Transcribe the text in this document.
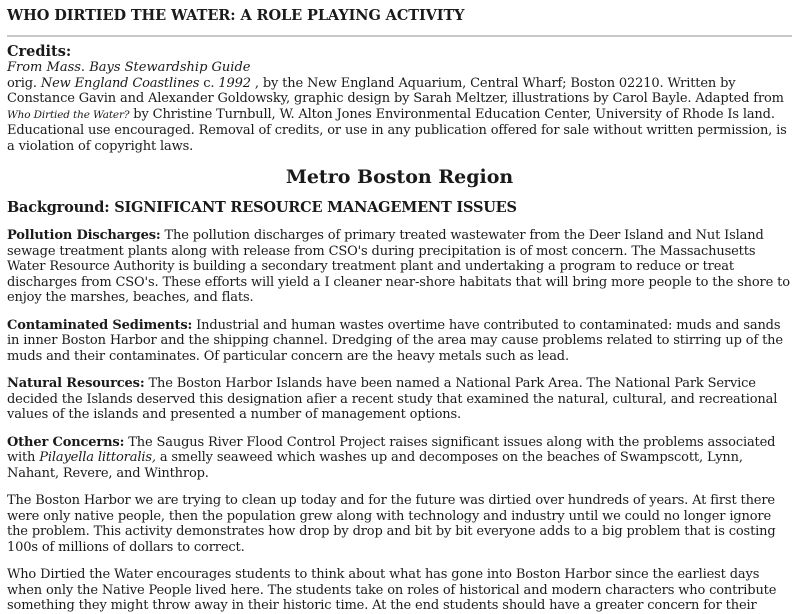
WHO DIRTIED THE WATER: A ROLE PLAYING ACTIVITY
Credits:
From Mass. Bays Stewardship Guide

orig. New England Coastlines c. 1992 , by the New England Aquarium, Central Wharf; Boston 02210. Written by Constance Gavin and Alexander Goldowsky, graphic design by Sarah Meltzer, illustrations by Carol Bayle. Adapted from Who Dirtied the Water? by Christine Turnbull, W. Alton Jones Environmental Education Center, University of Rhode Is land. Educational use encouraged. Removal of credits, or use in any publication offered for sale without written permission, is a violation of copyright laws.

Metro Boston Region
Background: SIGNIFICANT RESOURCE MANAGEMENT ISSUES

Pollution Discharges: The pollution discharges of primary treated wastewater from the Deer Island and Nut Island sewage treatment plants along with release from CSO's during precipitation is of most concern. The Massachusetts Water Resource Authority is building a secondary treatment plant and undertaking a program to reduce or treat discharges from CSO's. These efforts will yield a I cleaner near-shore habitats that will bring more people to the shore to enjoy the marshes, beaches, and flats.

Contaminated Sediments: Industrial and human wastes overtime have contributed to contaminated: muds and sands in inner Boston Harbor and the shipping channel. Dredging of the area may cause problems related to stirring up of the muds and their contaminates. Of particular concern are the heavy metals such as lead.

Natural Resources: The Boston Harbor Islands have been named a National Park Area. The National Park Service decided the Islands deserved this designation afier a recent study that examined the natural, cultural, and recreational values of the islands and presented a number of management options.

Other Concerns: The Saugus River Flood Control Project raises significant issues along with the problems associated with Pilayella littoralis, a smelly seaweed which washes up and decomposes on the beaches of Swampscott, Lynn, Nahant, Revere, and Winthrop.

The Boston Harbor we are trying to clean up today and for the future was dirtied over hundreds of years. At first there were only native people, then the population grew along with technology and industry until we could no longer ignore the problem. This activity demonstrates how drop by drop and bit by bit everyone adds to a big problem that is costing 100s of millions of dollars to correct.

Who Dirtied the Water encourages students to think about what has gone into Boston Harbor since the earliest days when only the Native People lived here. The students take on roles of historical and modern characters who contribute something they might throw away in their historic time. At the end students should have a greater concern for their
